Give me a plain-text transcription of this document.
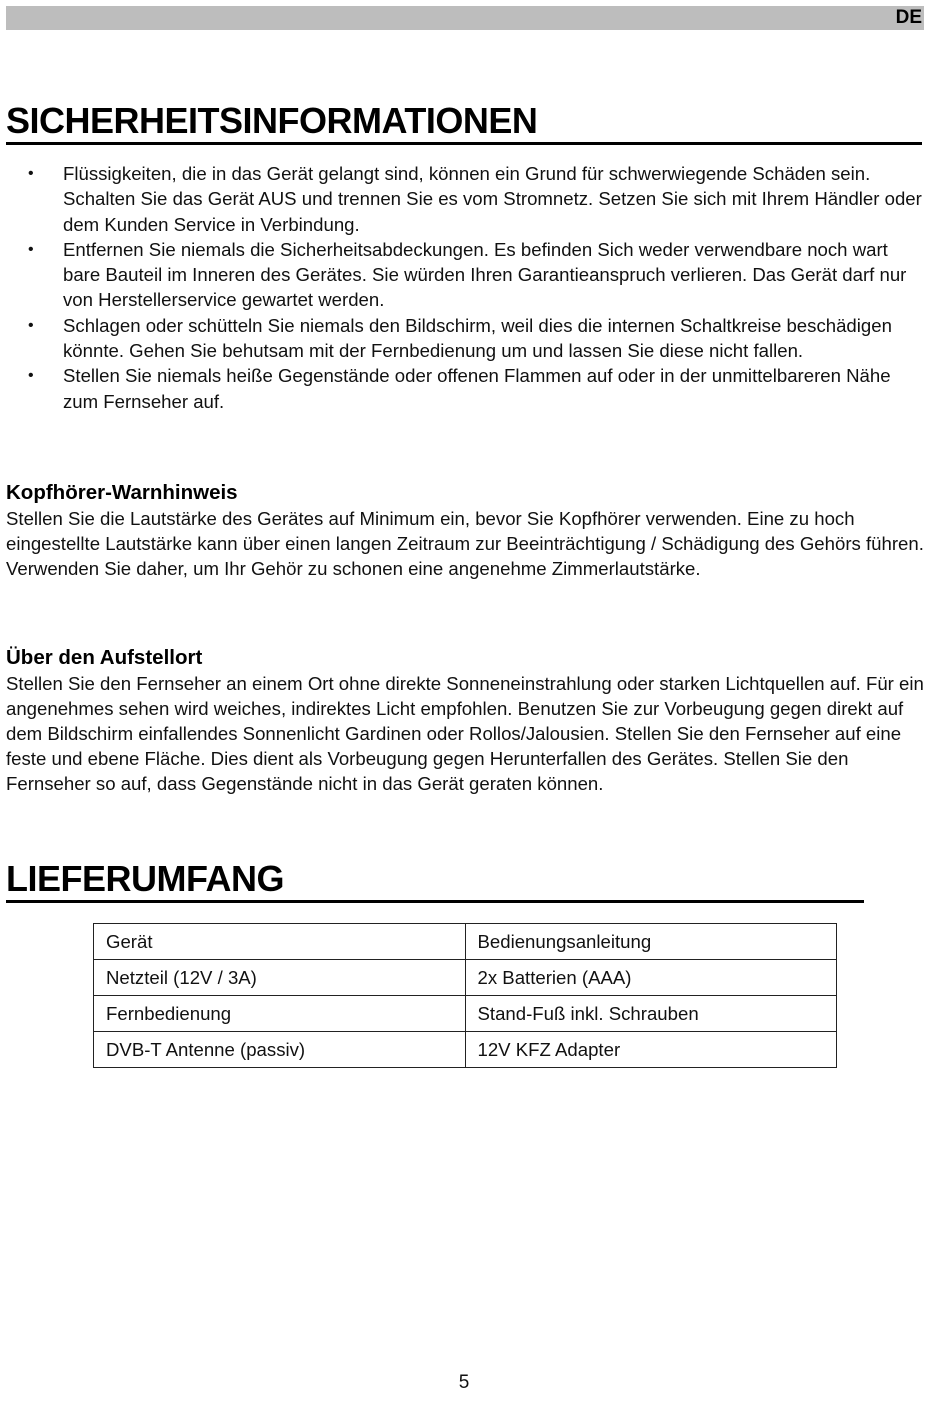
DE
SICHERHEITSINFORMATIONEN
• Flüssigkeiten, die in das Gerät gelangt sind, können ein Grund für schwerwiegende Schäden sein. Schalten Sie das Gerät AUS und trennen Sie es vom Stromnetz. Setzen Sie sich mit Ihrem Händler oder dem Kunden Service in Verbindung.
• Entfernen Sie niemals die Sicherheitsabdeckungen. Es befinden Sich weder verwendbare noch wart bare Bauteil im Inneren des Gerätes. Sie würden Ihren Garantieanspruch verlieren. Das Gerät darf nur von Herstellerservice gewartet werden.
• Schlagen oder schütteln Sie niemals den Bildschirm, weil dies die internen Schaltkreise beschädigen könnte. Gehen Sie behutsam mit der Fernbedienung um und lassen Sie diese nicht fallen.
• Stellen Sie niemals heiße Gegenstände oder offenen Flammen auf oder in der unmittelbareren Nähe zum Fernseher auf.
Kopfhörer-Warnhinweis
Stellen Sie die Lautstärke des Gerätes auf Minimum ein, bevor Sie Kopfhörer verwenden. Eine zu hoch eingestellte Lautstärke kann über einen langen Zeitraum zur Beeinträchtigung / Schädigung des Gehörs führen. Verwenden Sie daher, um Ihr Gehör zu schonen eine angenehme Zimmerlautstärke.
Über den Aufstellort
Stellen Sie den Fernseher an einem Ort ohne direkte Sonneneinstrahlung oder starken Lichtquellen auf. Für ein angenehmes sehen wird weiches, indirektes Licht empfohlen. Benutzen Sie zur Vorbeugung gegen direkt auf dem Bildschirm einfallendes Sonnenlicht Gardinen oder Rollos/Jalousien. Stellen Sie den Fernseher auf eine feste und ebene Fläche. Dies dient als Vorbeugung gegen Herunterfallen des Gerätes. Stellen Sie den Fernseher so auf, dass Gegenstände nicht in das Gerät geraten können.
LIEFERUMFANG
Gerät	Bedienungsanleitung
Netzteil (12V / 3A)	2x Batterien (AAA)
Fernbedienung	Stand-Fuß inkl. Schrauben
DVB-T Antenne (passiv)	12V KFZ Adapter
5
